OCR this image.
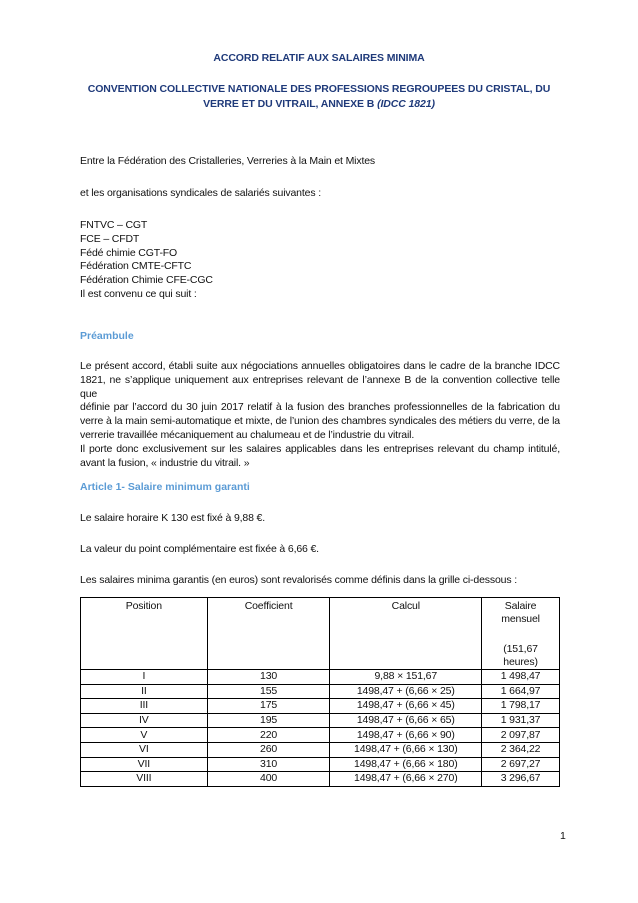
ACCORD RELATIF AUX SALAIRES MINIMA
CONVENTION COLLECTIVE NATIONALE DES PROFESSIONS REGROUPEES DU CRISTAL, DU
VERRE ET DU VITRAIL, ANNEXE B (IDCC 1821)
Entre la Fédération des Cristalleries, Verreries à la Main et Mixtes
et les organisations syndicales de salariés suivantes :
FNTVC – CGT
FCE – CFDT
Fédé chimie CGT-FO
Fédération CMTE-CFTC
Fédération Chimie CFE-CGC
Il est convenu ce qui suit :
Préambule
Le présent accord, établi suite aux négociations annuelles obligatoires dans le cadre de la branche IDCC
1821, ne s’applique uniquement aux entreprises relevant de l’annexe B de la convention collective telle que
définie par l’accord du 30 juin 2017 relatif à la fusion des branches professionnelles de la fabrication du
verre à la main semi-automatique et mixte, de l’union des chambres syndicales des métiers du verre, de la
verrerie travaillée mécaniquement au chalumeau et de l’industrie du vitrail.
Il porte donc exclusivement sur les salaires applicables dans les entreprises relevant du champ intitulé,
avant la fusion, « industrie du vitrail. »
Article 1- Salaire minimum garanti
Le salaire horaire K 130 est fixé à 9,88 €.
La valeur du point complémentaire est fixée à 6,66 €.
Les salaires minima garantis (en euros) sont revalorisés comme définis dans la grille ci-dessous :
Position	Coefficient	Calcul	Salaire mensuel
(151,67 heures)

I	130	9,88 × 151,67	1 498,47
II	155	1498,47 + (6,66 × 25)	1 664,97
III	175	1498,47 + (6,66 × 45)	1 798,17
IV	195	1498,47 + (6,66 × 65)	1 931,37
V	220	1498,47 + (6,66 × 90)	2 097,87
VI	260	1498,47 + (6,66 × 130)	2 364,22
VII	310	1498,47 + (6,66 × 180)	2 697,27
VIII	400	1498,47 + (6,66 × 270)	3 296,67
1
